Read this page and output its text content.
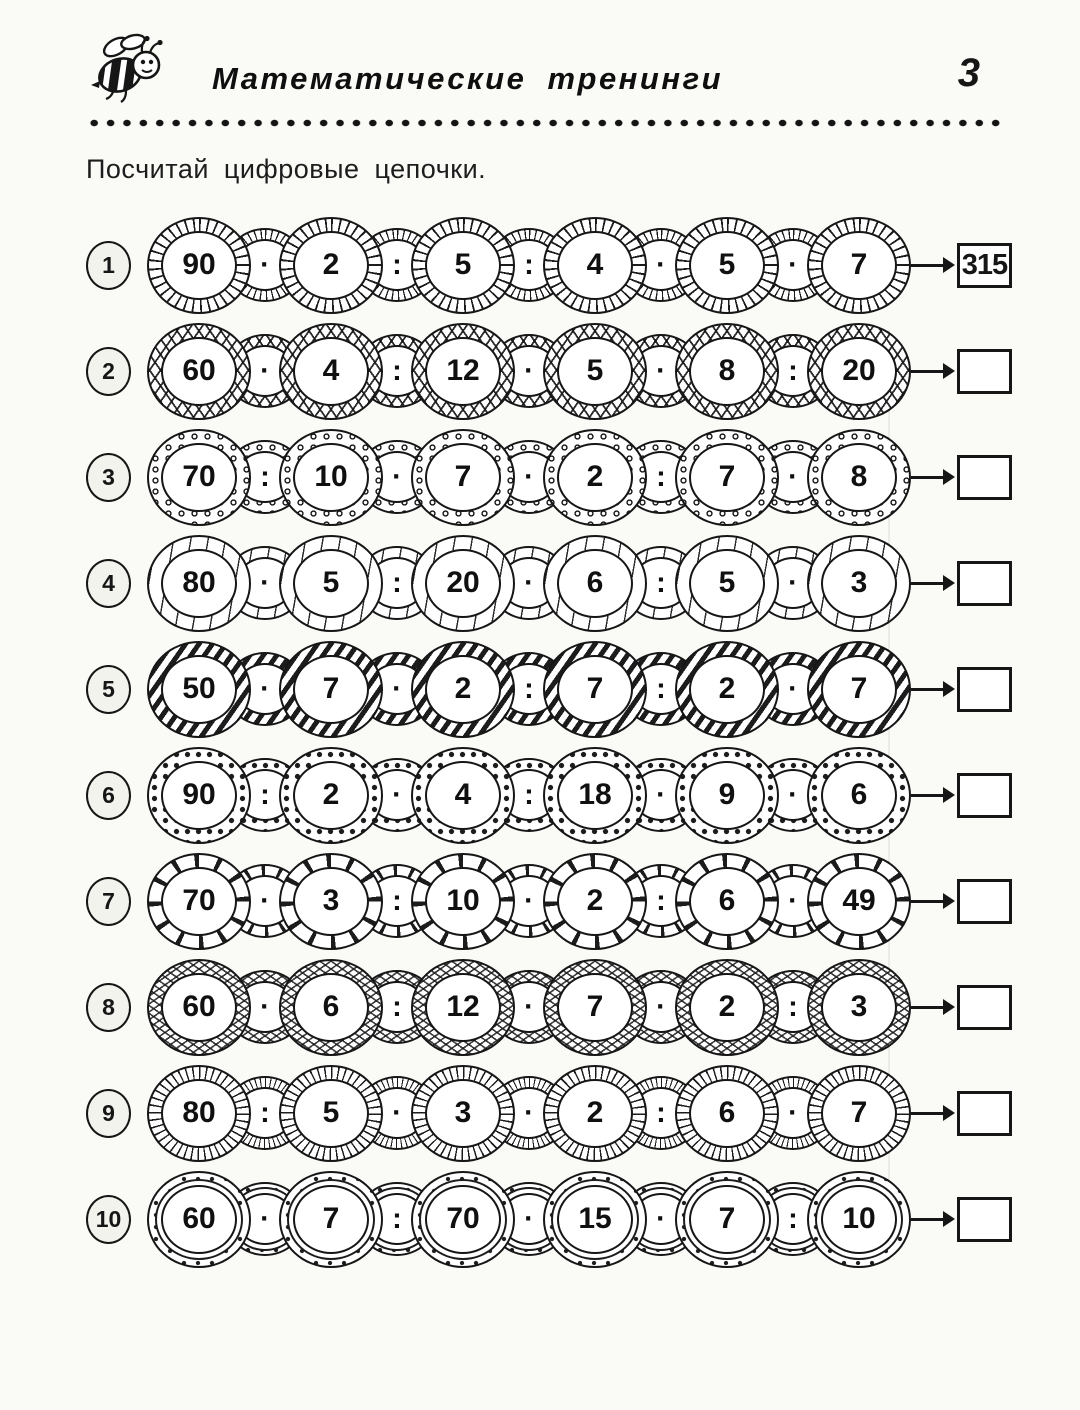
Математические тренинги	3
Посчитай цифровые цепочки.
1 90 · 2 : 5 : 4 · 5 · 7	315
2 60 · 4 : 12 · 5 · 8 : 20
3 70 : 10 · 7 · 2 : 7 · 8
4 80 · 5 : 20 · 6 : 5 · 3
5 50 · 7 · 2 : 7 : 2 · 7
6 90 : 2 · 4 : 18 · 9 · 6
7 70 · 3 : 10 · 2 : 6 · 49
8 60 · 6 : 12 · 7 · 2 : 3
9 80 : 5 · 3 · 2 : 6 · 7
10 60 · 7 : 70 · 15 · 7 : 10
